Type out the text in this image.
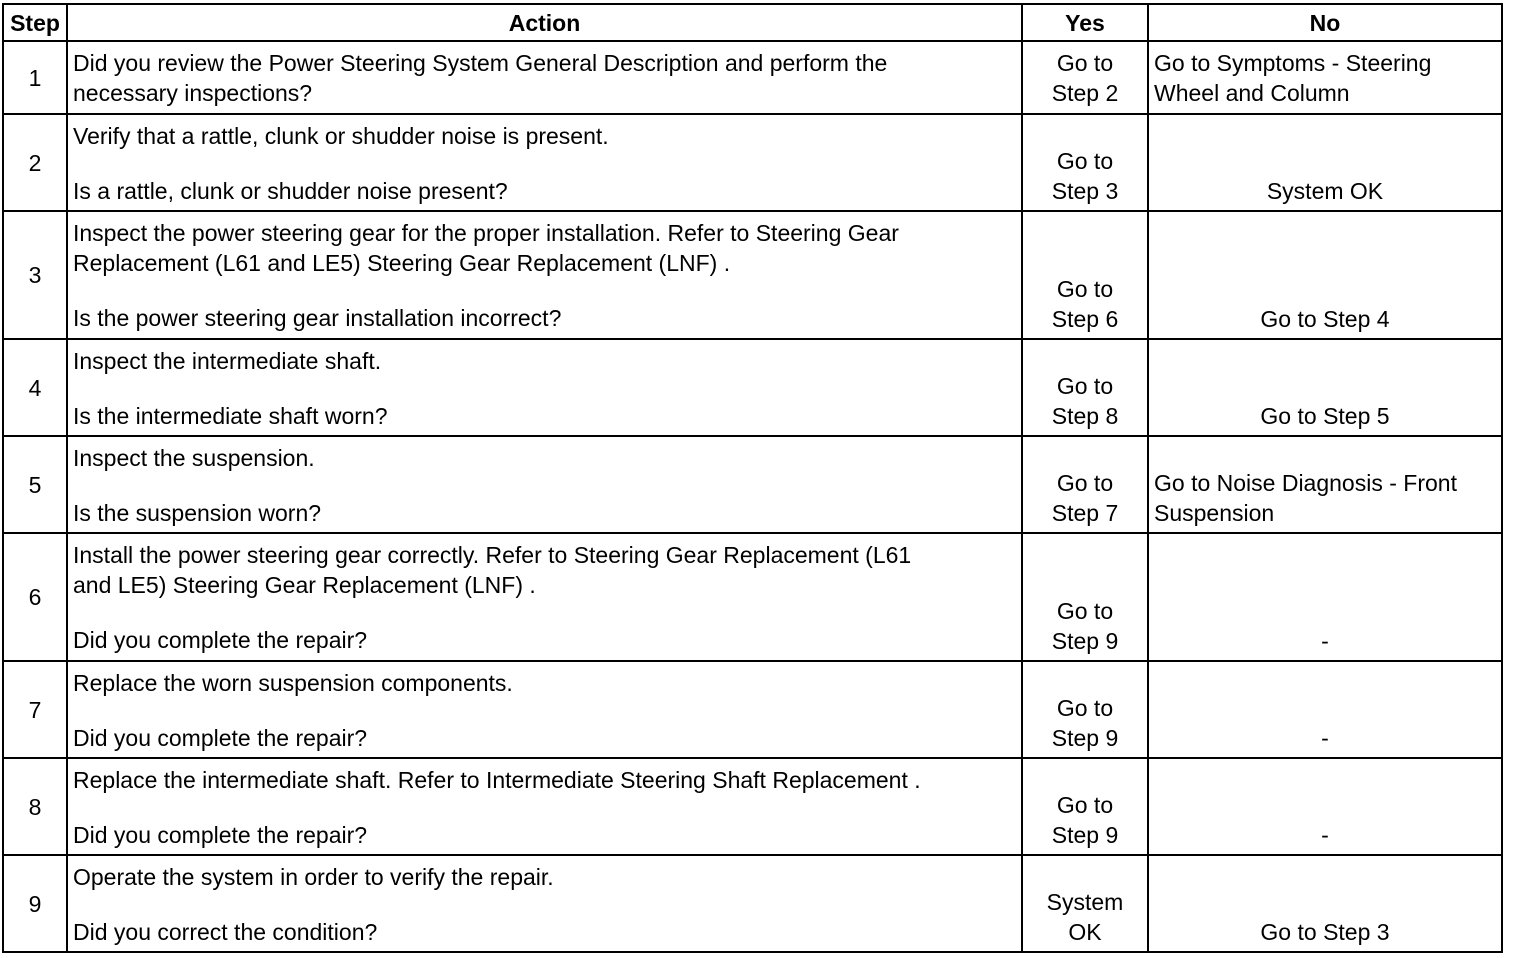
Step	Action	Yes	No
1	Did you review the Power Steering System General Description and perform the
necessary inspections?	Go to
Step 2	Go to Symptoms - Steering
Wheel and Column
2	Verify that a rattle, clunk or shudder noise is present.
Is a rattle, clunk or shudder noise present?	Go to
Step 3	System OK
3	Inspect the power steering gear for the proper installation. Refer to Steering Gear
Replacement (L61 and LE5) Steering Gear Replacement (LNF) .
Is the power steering gear installation incorrect?	Go to
Step 6	Go to Step 4
4	Inspect the intermediate shaft.
Is the intermediate shaft worn?	Go to
Step 8	Go to Step 5
5	Inspect the suspension.
Is the suspension worn?	Go to
Step 7	Go to Noise Diagnosis - Front
Suspension
6	Install the power steering gear correctly. Refer to Steering Gear Replacement (L61
and LE5) Steering Gear Replacement (LNF) .
Did you complete the repair?	Go to
Step 9	-
7	Replace the worn suspension components.
Did you complete the repair?	Go to
Step 9	-
8	Replace the intermediate shaft. Refer to Intermediate Steering Shaft Replacement .
Did you complete the repair?	Go to
Step 9	-
9	Operate the system in order to verify the repair.
Did you correct the condition?	System
OK	Go to Step 3
